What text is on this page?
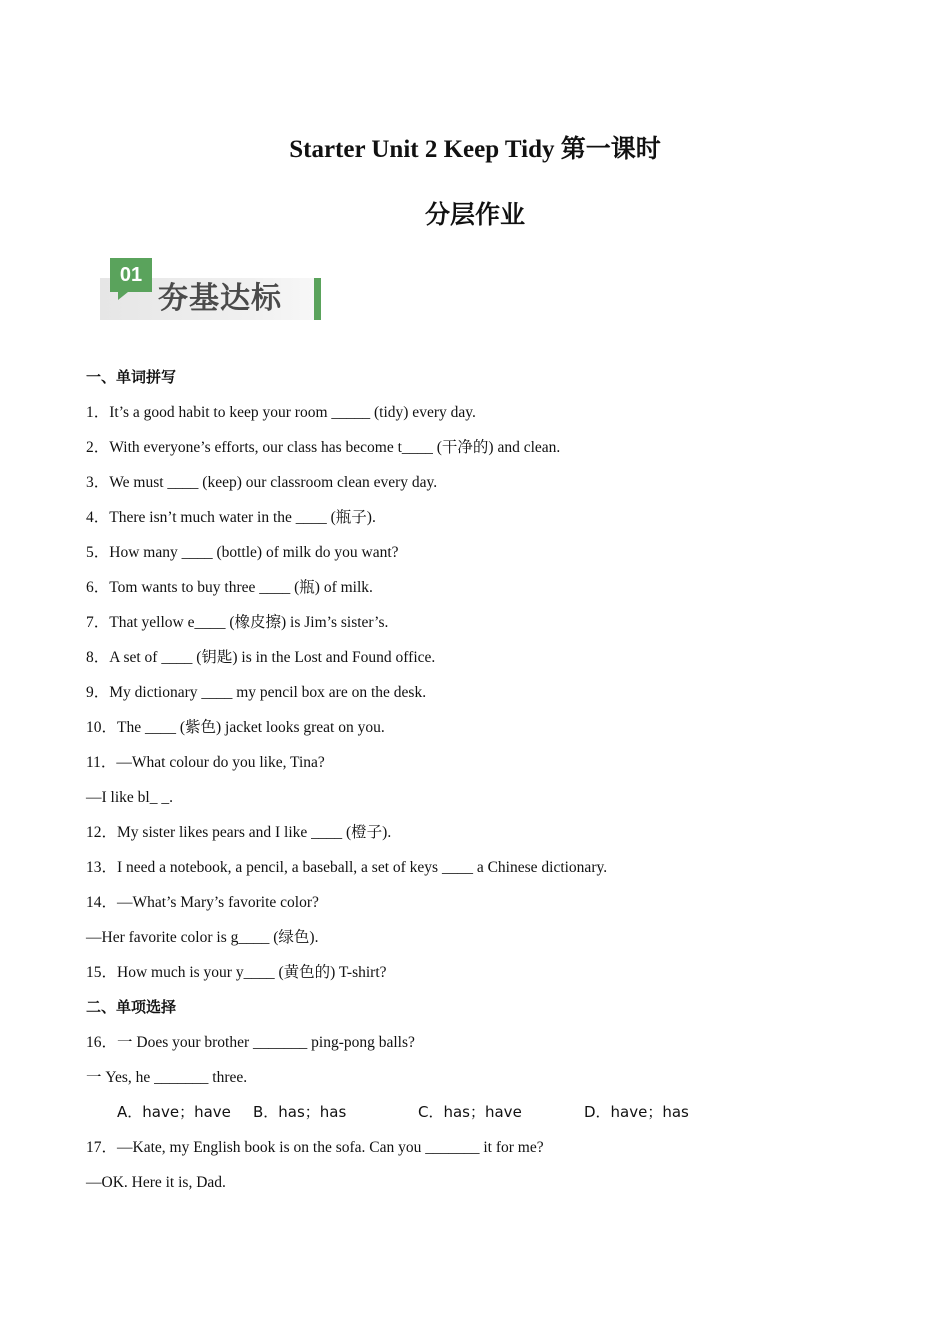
Starter Unit 2 Keep Tidy 第一课时
分层作业
01
夯基达标
一、单词拼写
1．It’s a good habit to keep your room _____ (tidy) every day.
2．With everyone’s efforts, our class has become t____ (干净的) and clean.
3．We must ____ (keep) our classroom clean every day.
4．There isn’t much water in the ____ (瓶子).
5．How many ____ (bottle) of milk do you want?
6．Tom wants to buy three ____ (瓶) of milk.
7．That yellow e____ (橡皮擦) is Jim’s sister’s.
8．A set of ____ (钥匙) is in the Lost and Found office.
9．My dictionary ____ my pencil box are on the desk.
10．The ____ (紫色) jacket looks great on you.
11．—What colour do you like, Tina?
—I like bl_ _.
12．My sister likes pears and I like ____ (橙子).
13．I need a notebook, a pencil, a baseball, a set of keys ____ a Chinese dictionary.
14．—What’s Mary’s favorite color?
—Her favorite color is g____ (绿色).
15．How much is your y____ (黄色的) T-shirt?
二、单项选择
16．一 Does your brother _______ ping-pong balls?
一 Yes, he _______ three.
A．have；have B．has；has	C．has；have	D．have；has
17．—Kate, my English book is on the sofa. Can you _______ it for me?
—OK. Here it is, Dad.
